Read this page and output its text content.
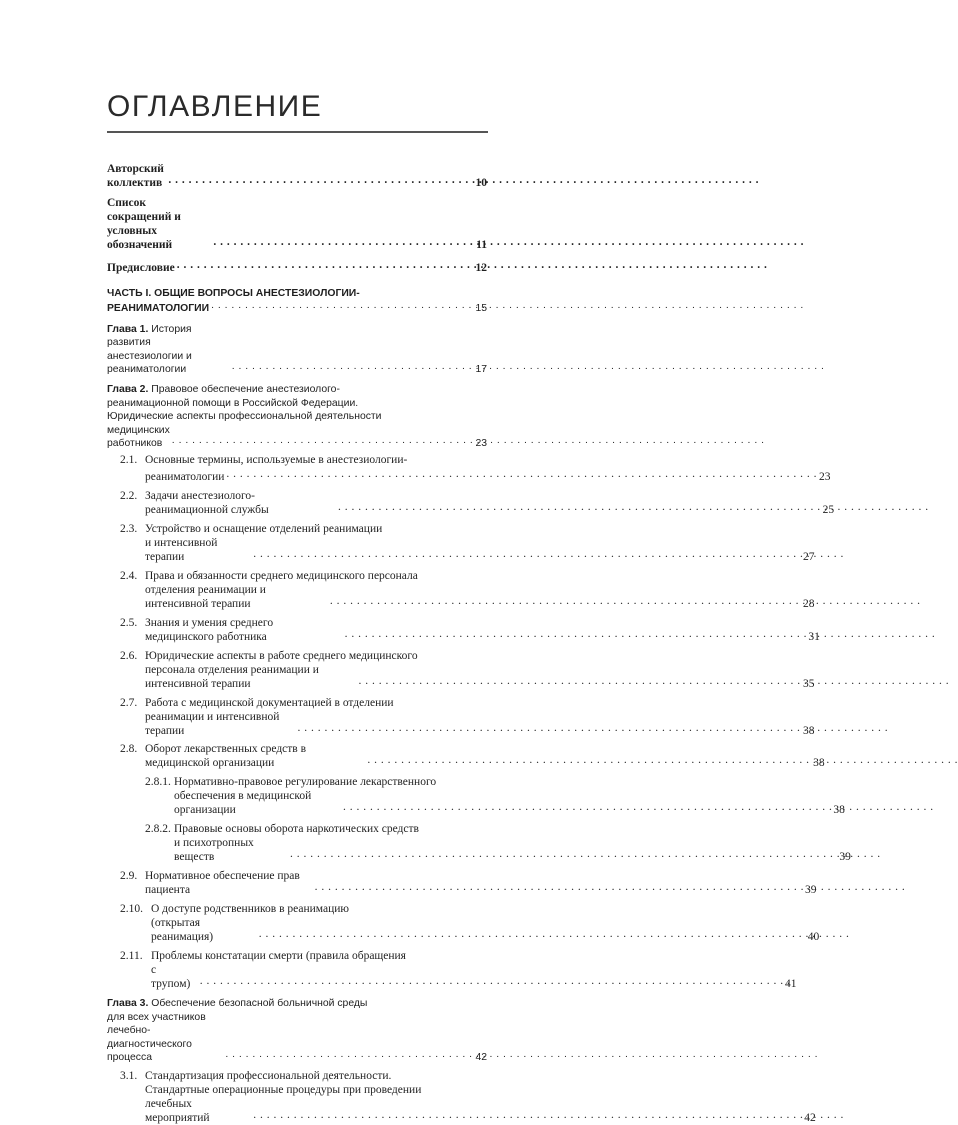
ОГЛАВЛЕНИЕ
Авторский коллектив . . .	10
Список сокращений и условных обозначений . . .	11
Предисловие . . .	12
ЧАСТЬ I. ОБЩИЕ ВОПРОСЫ АНЕСТЕЗИОЛОГИИ-
РЕАНИМАТОЛОГИИ . . .	15
Глава 1. История развития анестезиологии и реаниматологии . . .	17
Глава 2. Правовое обеспечение анестезиолого-
реанимационной помощи в Российской Федерации.
Юридические аспекты профессиональной деятельности
медицинских работников . . .	23
2.1. Основные термины, используемые в анестезиологии-
реаниматологии . . .	23
2.2. Задачи анестезиолого-реанимационной службы . . .	25
2.3. Устройство и оснащение отделений реанимации
и интенсивной терапии . . .	27
2.4. Права и обязанности среднего медицинского персонала
отделения реанимации и интенсивной терапии . . .	28
2.5. Знания и умения среднего медицинского работника . . .	31
2.6. Юридические аспекты в работе среднего медицинского
персонала отделения реанимации и интенсивной терапии . . .	35
2.7. Работа с медицинской документацией в отделении
реанимации и интенсивной терапии . . .	38
2.8. Оборот лекарственных средств в медицинской организации . . .	38
2.8.1. Нормативно-правовое регулирование лекарственного
обеспечения в медицинской организации . . .	38
2.8.2. Правовые основы оборота наркотических средств
и психотропных веществ . . .	39
2.9. Нормативное обеспечение прав пациента . . .	39
2.10. О доступе родственников в реанимацию
(открытая реанимация) . . .	40
2.11. Проблемы констатации смерти (правила обращения
с трупом) . . .	41
Глава 3. Обеспечение безопасной больничной среды
для всех участников лечебно-диагностического процесса . . .	42
3.1. Стандартизация профессиональной деятельности.
Стандартные операционные процедуры при проведении
лечебных мероприятий . . .	42
